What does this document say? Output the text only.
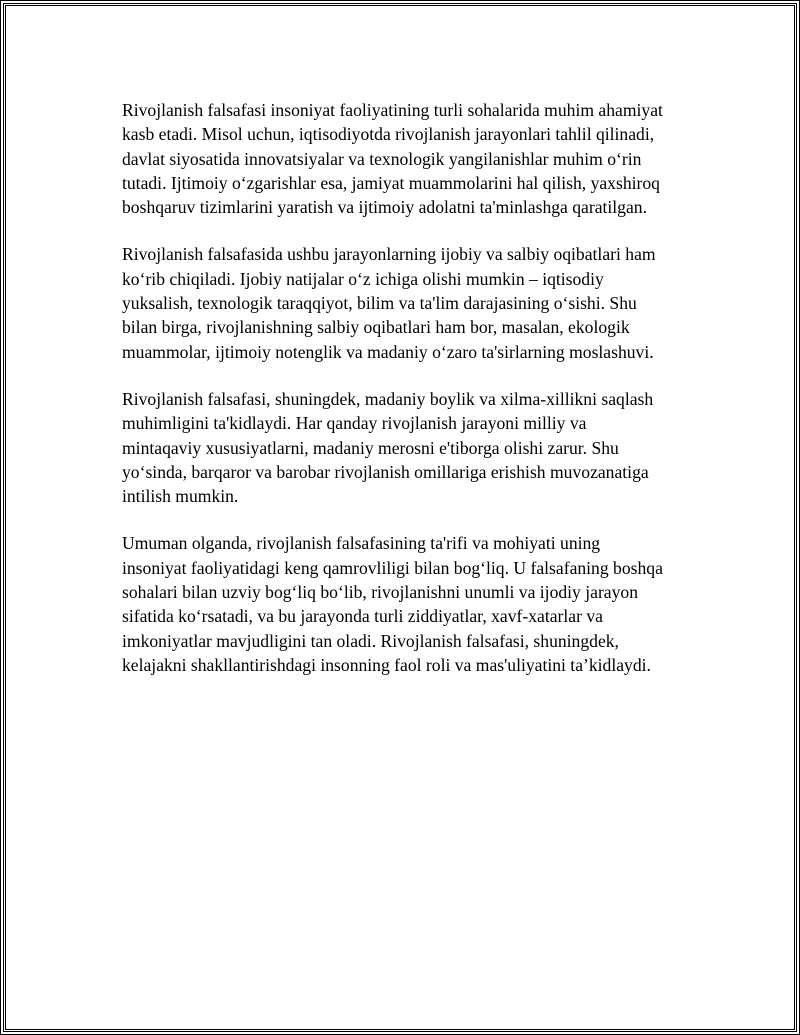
Rivojlanish falsafasi insoniyat faoliyatining turli sohalarida muhim ahamiyat
kasb etadi. Misol uchun, iqtisodiyotda rivojlanish jarayonlari tahlil qilinadi,
davlat siyosatida innovatsiyalar va texnologik yangilanishlar muhim o‘rin
tutadi. Ijtimoiy o‘zgarishlar esa, jamiyat muammolarini hal qilish, yaxshiroq
boshqaruv tizimlarini yaratish va ijtimoiy adolatni ta'minlashga qaratilgan.

Rivojlanish falsafasida ushbu jarayonlarning ijobiy va salbiy oqibatlari ham
ko‘rib chiqiladi. Ijobiy natijalar o‘z ichiga olishi mumkin – iqtisodiy
yuksalish, texnologik taraqqiyot, bilim va ta'lim darajasining o‘sishi. Shu
bilan birga, rivojlanishning salbiy oqibatlari ham bor, masalan, ekologik
muammolar, ijtimoiy notenglik va madaniy o‘zaro ta'sirlarning moslashuvi.

Rivojlanish falsafasi, shuningdek, madaniy boylik va xilma-xillikni saqlash
muhimligini ta'kidlaydi. Har qanday rivojlanish jarayoni milliy va
mintaqaviy xususiyatlarni, madaniy merosni e'tiborga olishi zarur. Shu
yo‘sinda, barqaror va barobar rivojlanish omillariga erishish muvozanatiga
intilish mumkin.

Umuman olganda, rivojlanish falsafasining ta'rifi va mohiyati uning
insoniyat faoliyatidagi keng qamrovliligi bilan bog‘liq. U falsafaning boshqa
sohalari bilan uzviy bog‘liq bo‘lib, rivojlanishni unumli va ijodiy jarayon
sifatida ko‘rsatadi, va bu jarayonda turli ziddiyatlar, xavf-xatarlar va
imkoniyatlar mavjudligini tan oladi. Rivojlanish falsafasi, shuningdek,
kelajakni shakllantirishdagi insonning faol roli va mas'uliyatini ta’kidlaydi.
